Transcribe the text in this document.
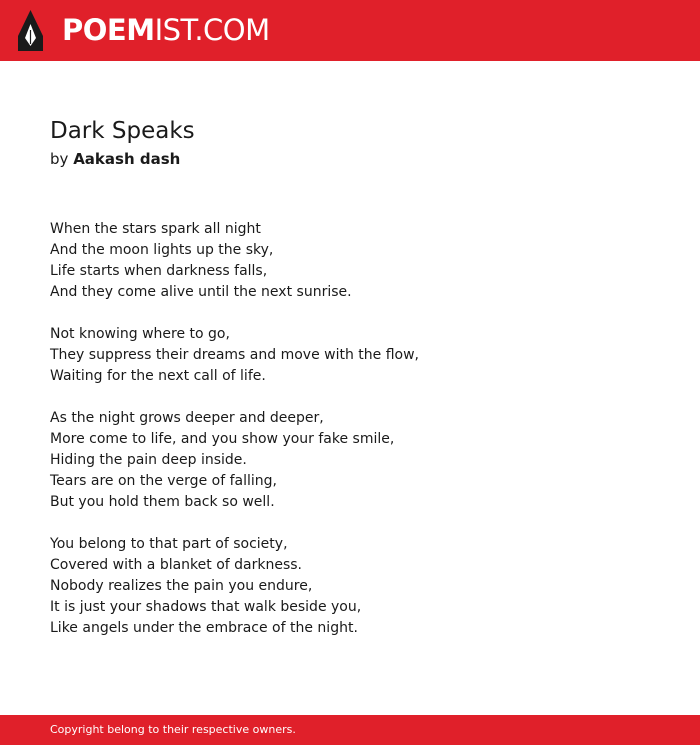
POEMIST.COM
Dark Speaks
by Aakash dash
When the stars spark all night
And the moon lights up the sky,
Life starts when darkness falls,
And they come alive until the next sunrise.
Not knowing where to go,
They suppress their dreams and move with the flow,
Waiting for the next call of life.
As the night grows deeper and deeper,
More come to life, and you show your fake smile,
Hiding the pain deep inside.
Tears are on the verge of falling,
But you hold them back so well.
You belong to that part of society,
Covered with a blanket of darkness.
Nobody realizes the pain you endure,
It is just your shadows that walk beside you,
Like angels under the embrace of the night.
Copyright belong to their respective owners.
